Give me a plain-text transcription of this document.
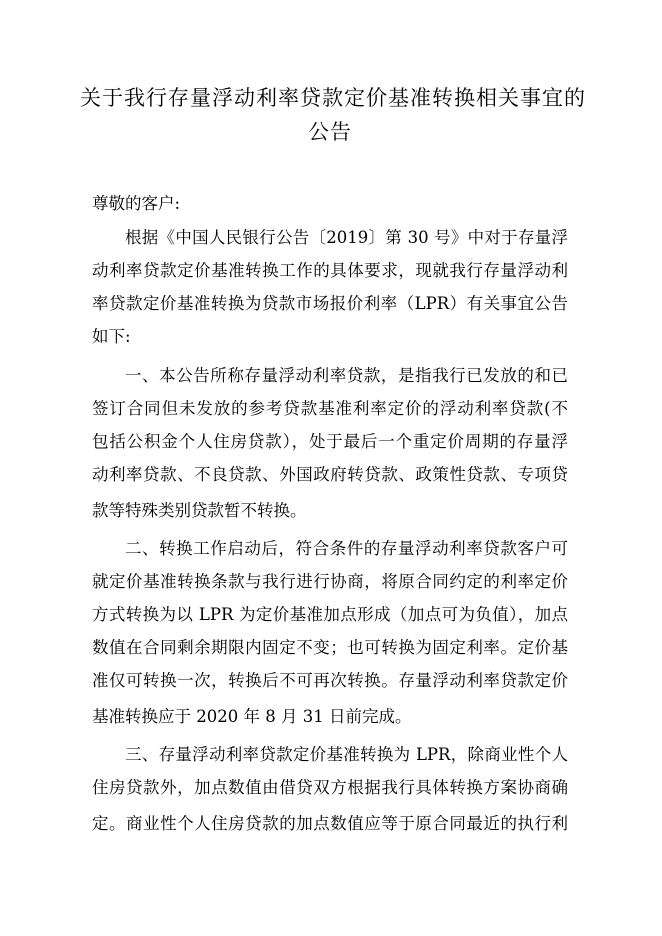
关于我行存量浮动利率贷款定价基准转换相关事宜的
公告
尊敬的客户:
根据《中国人民银行公告〔2019〕第 30 号》中对于存量浮
动利率贷款定价基准转换工作的具体要求，现就我行存量浮动利
率贷款定价基准转换为贷款市场报价利率（LPR）有关事宜公告
如下:
一、本公告所称存量浮动利率贷款，是指我行已发放的和已
签订合同但未发放的参考贷款基准利率定价的浮动利率贷款(不
包括公积金个人住房贷款），处于最后一个重定价周期的存量浮
动利率贷款、不良贷款、外国政府转贷款、政策性贷款、专项贷
款等特殊类别贷款暂不转换。
二、转换工作启动后，符合条件的存量浮动利率贷款客户可
就定价基准转换条款与我行进行协商，将原合同约定的利率定价
方式转换为以 LPR 为定价基准加点形成（加点可为负值），加点
数值在合同剩余期限内固定不变；也可转换为固定利率。定价基
准仅可转换一次，转换后不可再次转换。存量浮动利率贷款定价
基准转换应于 2020 年 8 月 31 日前完成。
三、存量浮动利率贷款定价基准转换为 LPR，除商业性个人
住房贷款外，加点数值由借贷双方根据我行具体转换方案协商确
定。商业性个人住房贷款的加点数值应等于原合同最近的执行利
